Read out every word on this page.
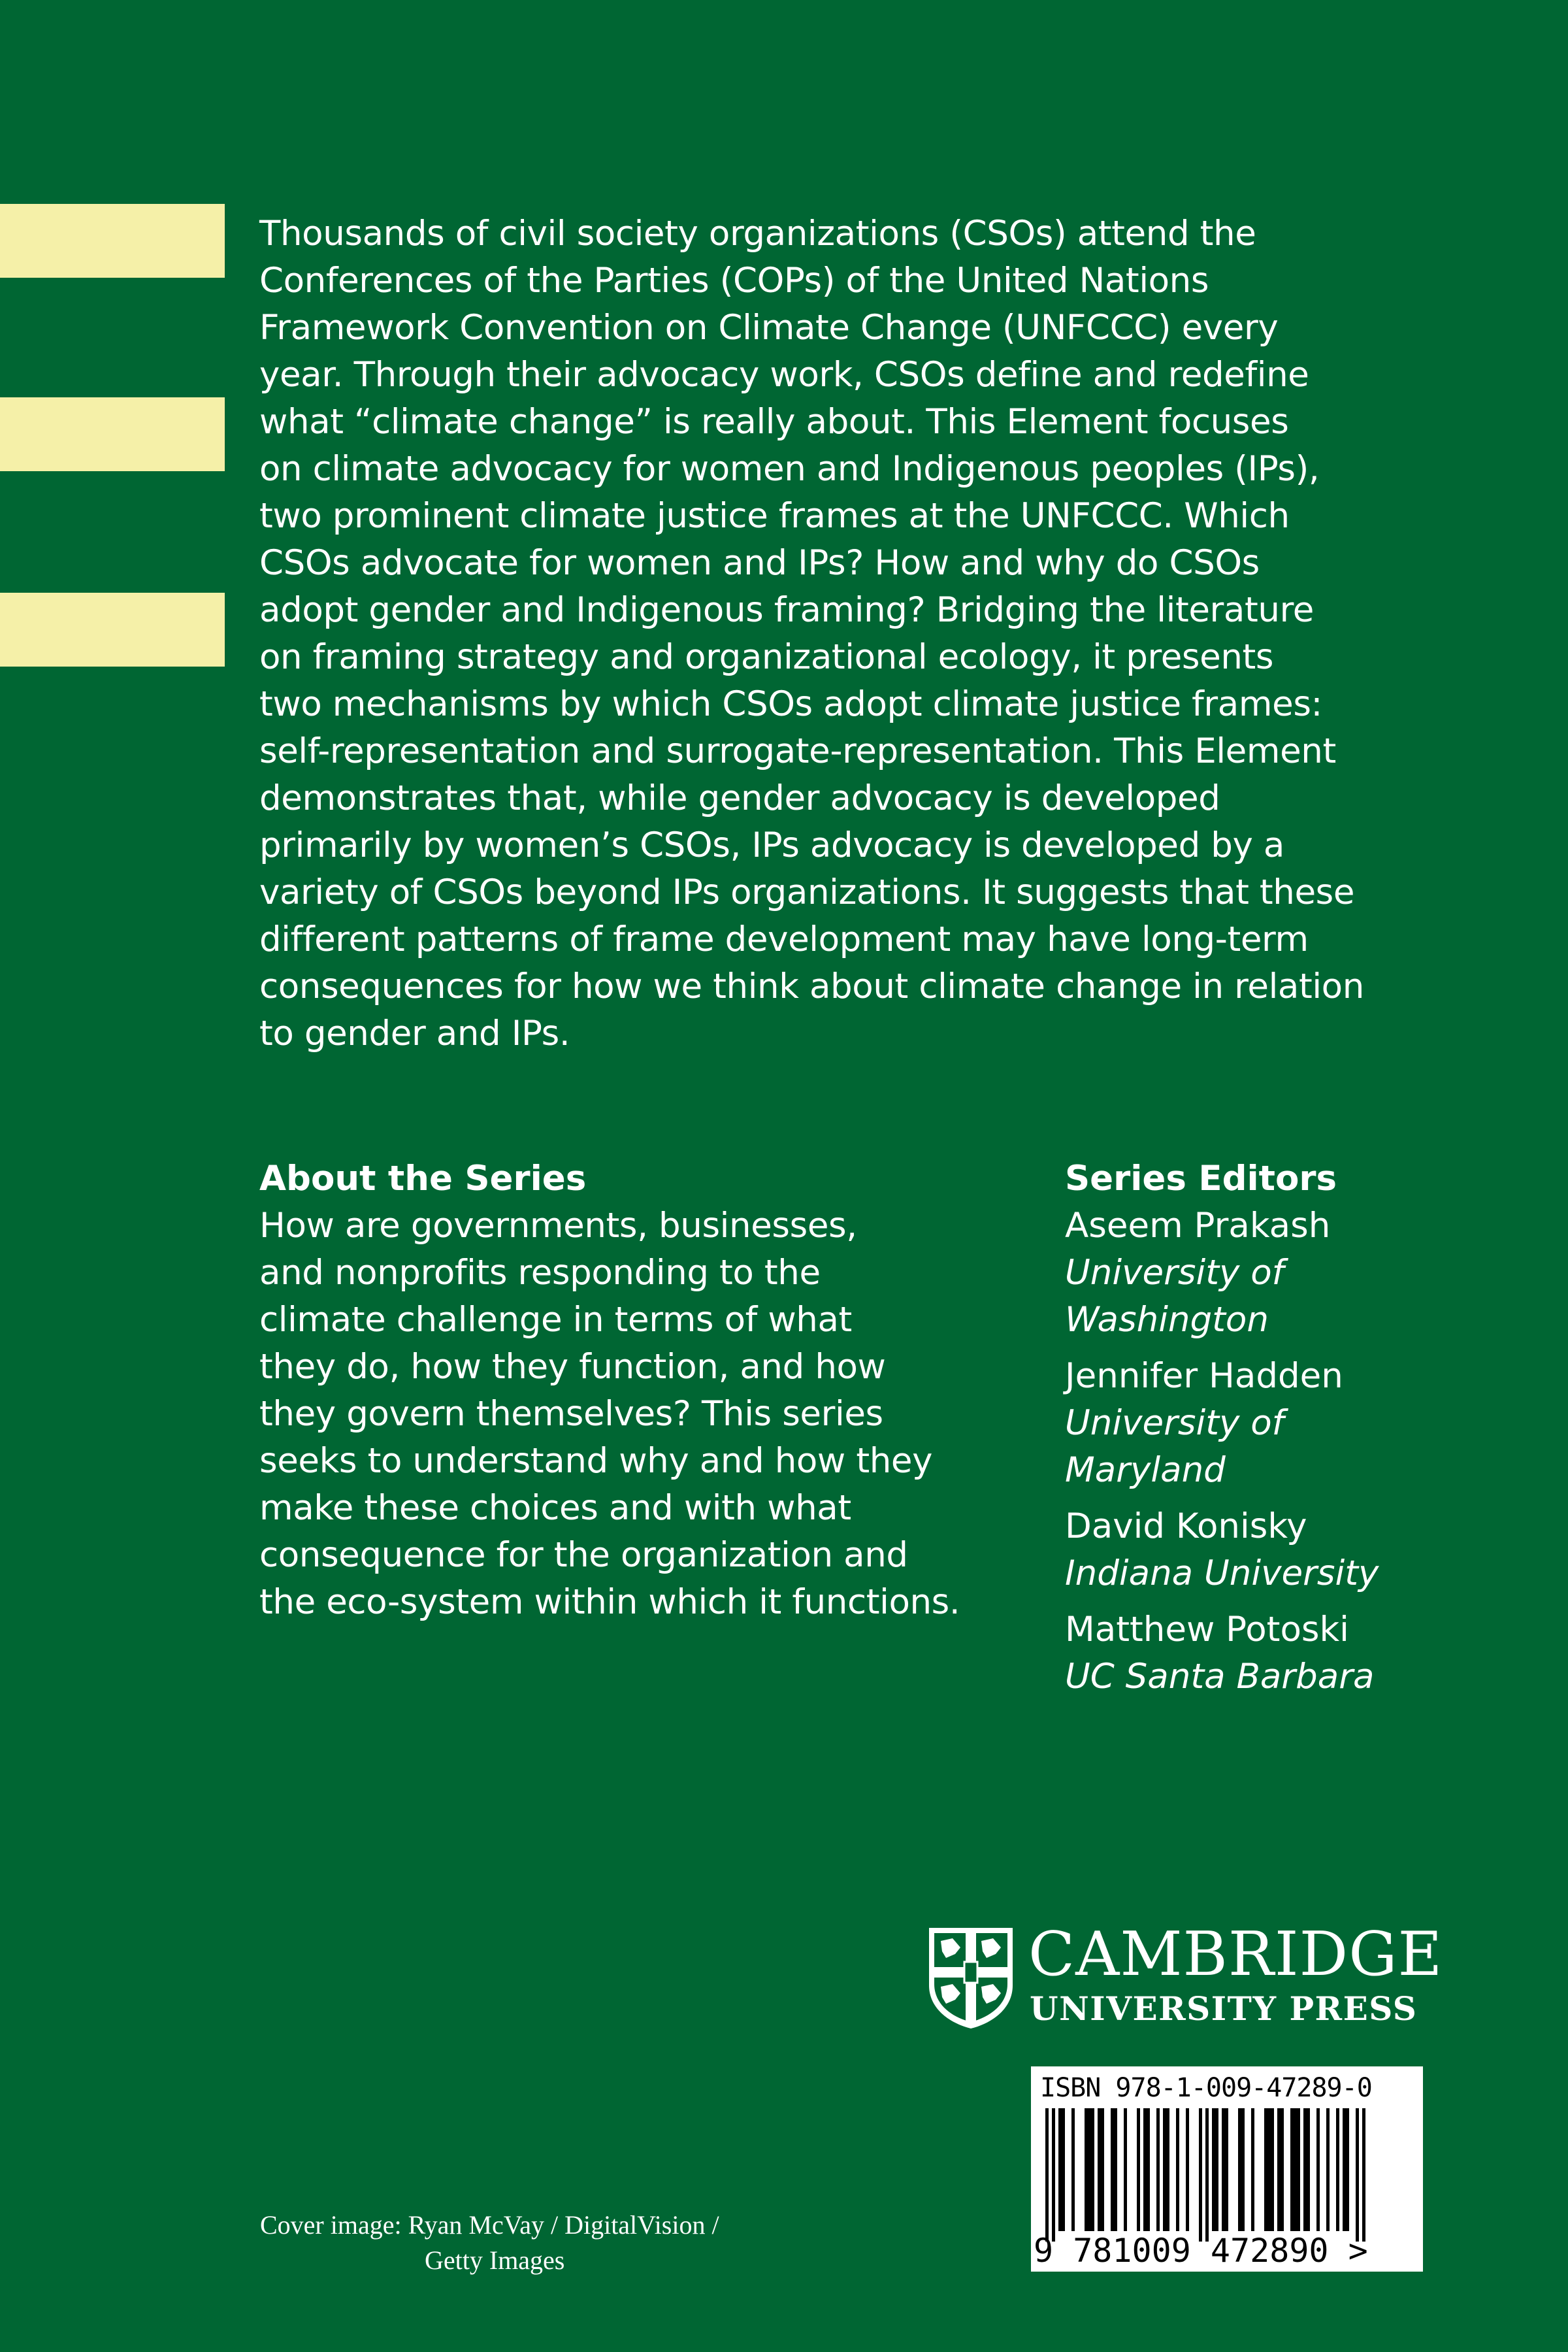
Thousands of civil society organizations (CSOs) attend the
Conferences of the Parties (COPs) of the United Nations
Framework Convention on Climate Change (UNFCCC) every
year. Through their advocacy work, CSOs define and redefine
what “climate change” is really about. This Element focuses
on climate advocacy for women and Indigenous peoples (IPs),
two prominent climate justice frames at the UNFCCC. Which
CSOs advocate for women and IPs? How and why do CSOs
adopt gender and Indigenous framing? Bridging the literature
on framing strategy and organizational ecology, it presents
two mechanisms by which CSOs adopt climate justice frames:
self-representation and surrogate-representation. This Element
demonstrates that, while gender advocacy is developed
primarily by women’s CSOs, IPs advocacy is developed by a
variety of CSOs beyond IPs organizations. It suggests that these
different patterns of frame development may have long-term
consequences for how we think about climate change in relation
to gender and IPs.
About the Series
How are governments, businesses,
and nonprofits responding to the
climate challenge in terms of what
they do, how they function, and how
they govern themselves? This series
seeks to understand why and how they
make these choices and with what
consequence for the organization and
the eco-system within which it functions.
Series Editors
Aseem Prakash
University of
Washington
Jennifer Hadden
University of
Maryland
David Konisky
Indiana University
Matthew Potoski
UC Santa Barbara
CAMBRIDGE
UNIVERSITY PRESS
ISBN 978-1-009-47289-0
9 781009 472890 >
Cover image: Ryan McVay / DigitalVision /
Getty Images
